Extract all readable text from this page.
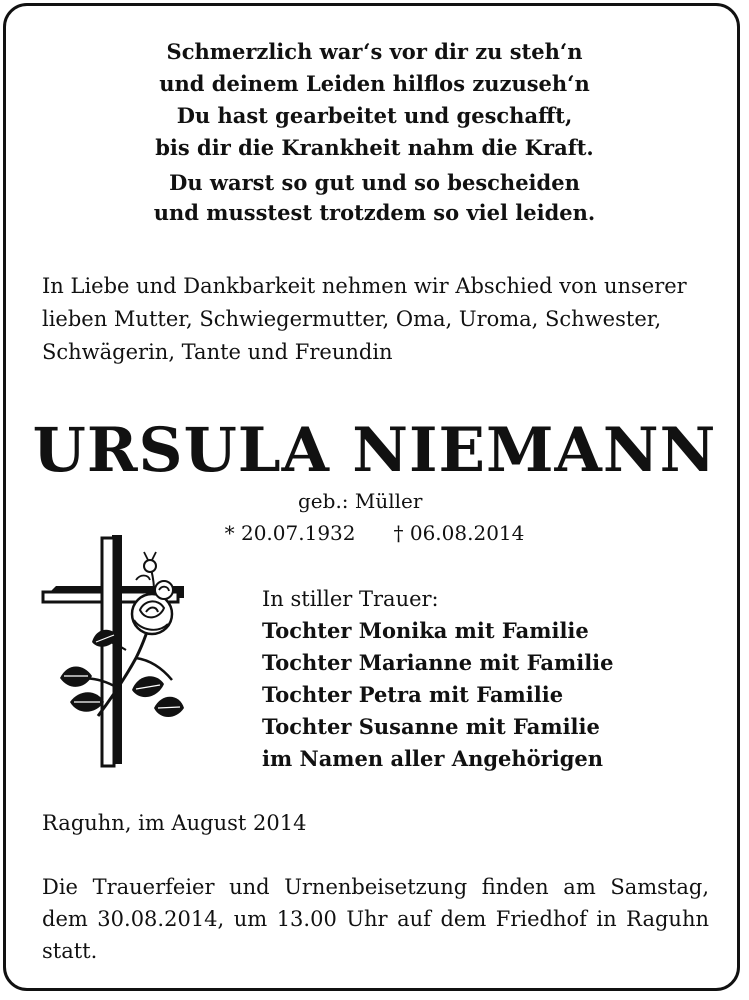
Schmerzlich war‘s vor dir zu steh‘n
und deinem Leiden hilflos zuzuseh‘n
Du hast gearbeitet und geschafft,
bis dir die Krankheit nahm die Kraft.
Du warst so gut und so bescheiden
und musstest trotzdem so viel leiden.
In Liebe und Dankbarkeit nehmen wir Abschied von unserer lieben Mutter, Schwiegermutter, Oma, Uroma, Schwester, Schwägerin, Tante und Freundin
URSULA NIEMANN
geb.: Müller
* 20.07.1932 † 06.08.2014
In stiller Trauer:
Tochter Monika mit Familie
Tochter Marianne mit Familie
Tochter Petra mit Familie
Tochter Susanne mit Familie
im Namen aller Angehörigen
Raguhn, im August 2014
Die Trauerfeier und Urnenbeisetzung finden am Samstag, dem 30.08.2014, um 13.00 Uhr auf dem Friedhof in Raguhn statt.
